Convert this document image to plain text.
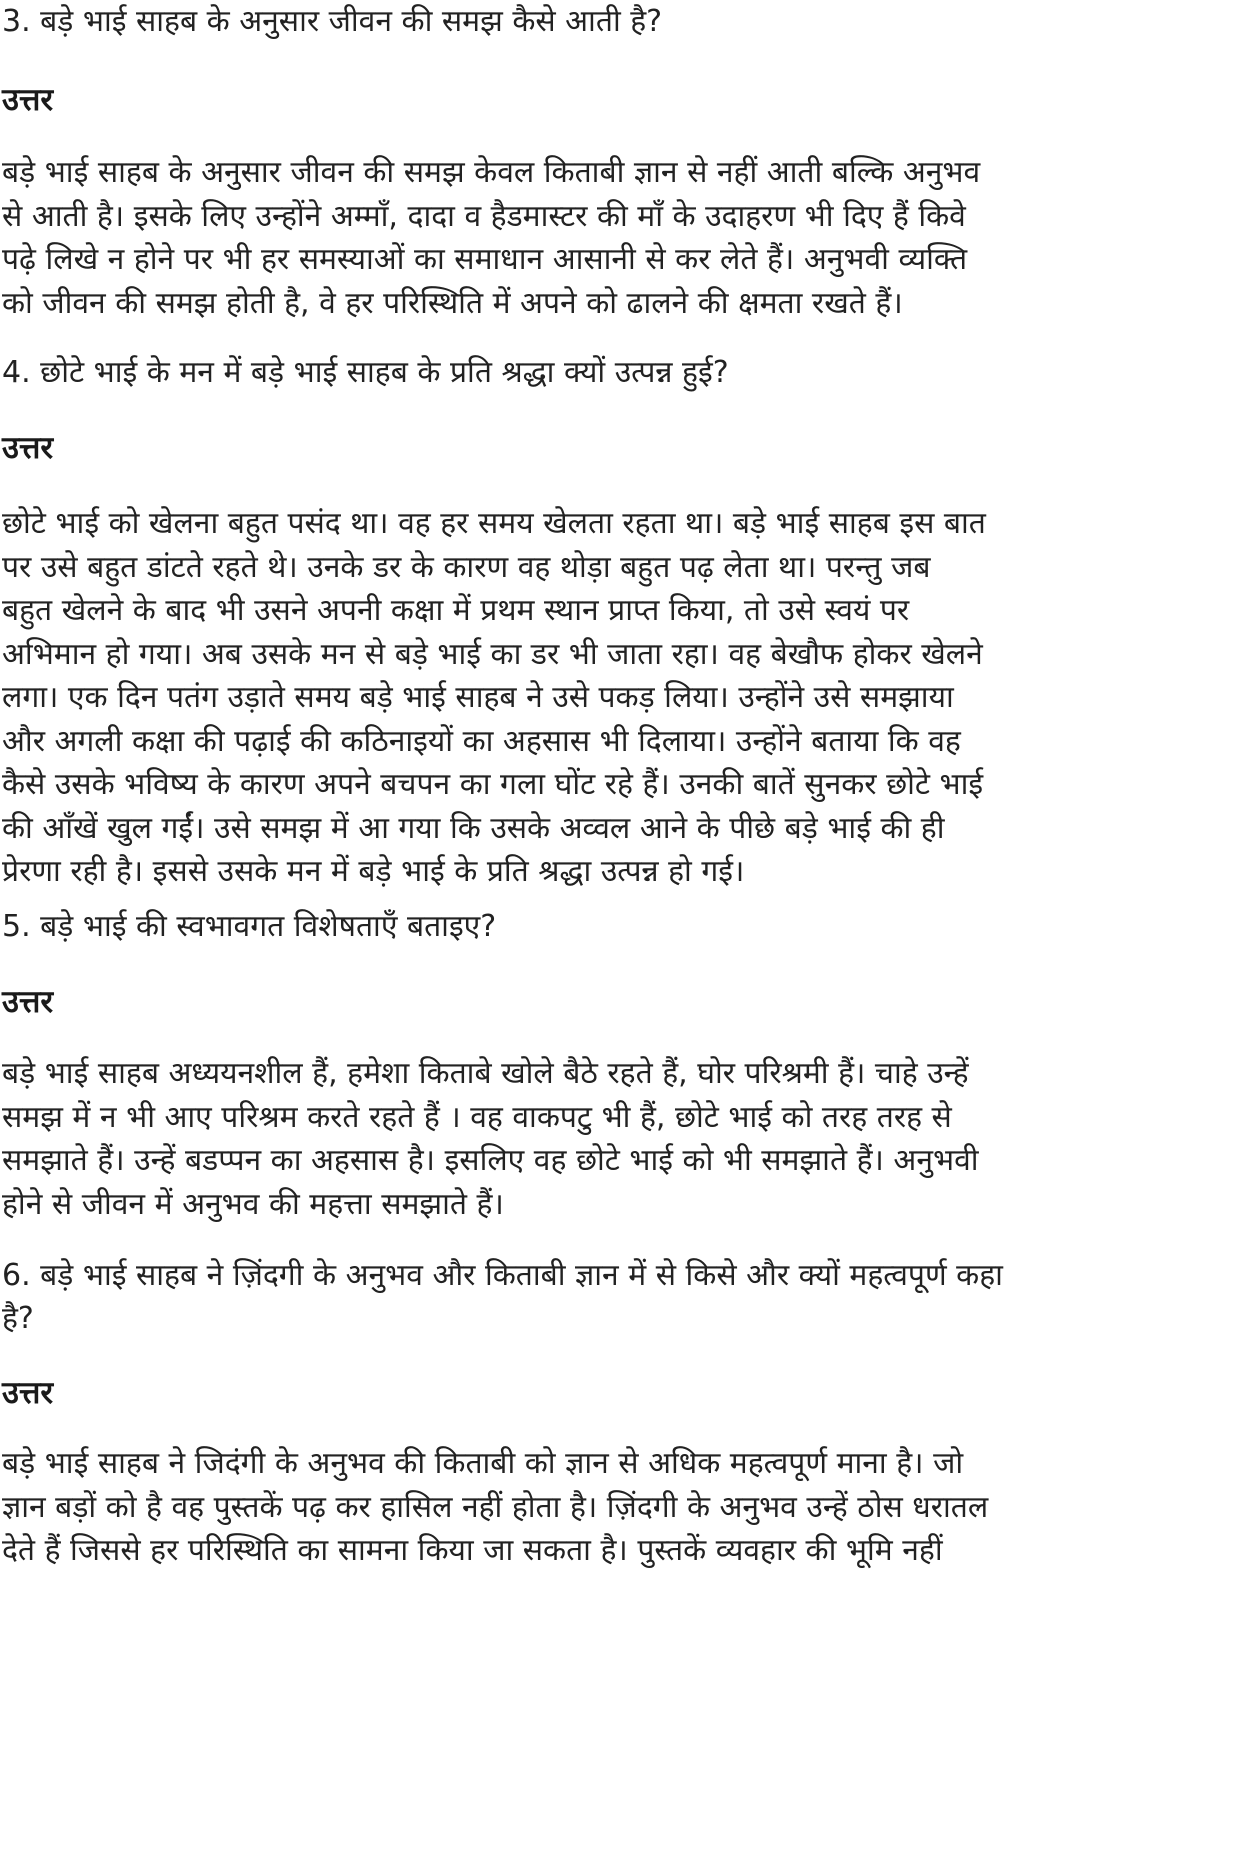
3. बड़े भाई साहब के अनुसार जीवन की समझ कैसे आती है?

उत्तर

बड़े भाई साहब के अनुसार जीवन की समझ केवल किताबी ज्ञान से नहीं आती बल्कि अनुभव
से आती है। इसके लिए उन्होंने अम्माँ, दादा व हैडमास्टर की माँ के उदाहरण भी दिए हैं किवे
पढ़े लिखे न होने पर भी हर समस्याओं का समाधान आसानी से कर लेते हैं। अनुभवी व्यक्ति
को जीवन की समझ होती है, वे हर परिस्थिति में अपने को ढालने की क्षमता रखते हैं।

4. छोटे भाई के मन में बड़े भाई साहब के प्रति श्रद्धा क्यों उत्पन्न हुई?

उत्तर

छोटे भाई को खेलना बहुत पसंद था। वह हर समय खेलता रहता था। बड़े भाई साहब इस बात
पर उसे बहुत डांटते रहते थे। उनके डर के कारण वह थोड़ा बहुत पढ़ लेता था। परन्तु जब
बहुत खेलने के बाद भी उसने अपनी कक्षा में प्रथम स्थान प्राप्त किया, तो उसे स्वयं पर
अभिमान हो गया। अब उसके मन से बड़े भाई का डर भी जाता रहा। वह बेखौफ होकर खेलने
लगा। एक दिन पतंग उड़ाते समय बड़े भाई साहब ने उसे पकड़ लिया। उन्होंने उसे समझाया
और अगली कक्षा की पढ़ाई की कठिनाइयों का अहसास भी दिलाया। उन्होंने बताया कि वह
कैसे उसके भविष्य के कारण अपने बचपन का गला घोंट रहे हैं। उनकी बातें सुनकर छोटे भाई
की आँखें खुल गईं। उसे समझ में आ गया कि उसके अव्वल आने के पीछे बड़े भाई की ही
प्रेरणा रही है। इससे उसके मन में बड़े भाई के प्रति श्रद्धा उत्पन्न हो गई।

5. बड़े भाई की स्वभावगत विशेषताएँ बताइए?

उत्तर

बड़े भाई साहब अध्ययनशील हैं, हमेशा किताबे खोले बैठे रहते हैं, घोर परिश्रमी हैं। चाहे उन्हें
समझ में न भी आए परिश्रम करते रहते हैं । वह वाकपटु भी हैं, छोटे भाई को तरह तरह से
समझाते हैं। उन्हें बडप्पन का अहसास है। इसलिए वह छोटे भाई को भी समझाते हैं। अनुभवी
होने से जीवन में अनुभव की महत्ता समझाते हैं।
6. बड़े भाई साहब ने ज़िंदगी के अनुभव और किताबी ज्ञान में से किसे और क्यों महत्वपूर्ण कहा
है?

उत्तर

बड़े भाई साहब ने जिदंगी के अनुभव की किताबी को ज्ञान से अधिक महत्वपूर्ण माना है। जो
ज्ञान बड़ों को है वह पुस्तकें पढ़ कर हासिल नहीं होता है। ज़िंदगी के अनुभव उन्हें ठोस धरातल
देते हैं जिससे हर परिस्थिति का सामना किया जा सकता है। पुस्तकें व्यवहार की भूमि नहीं
